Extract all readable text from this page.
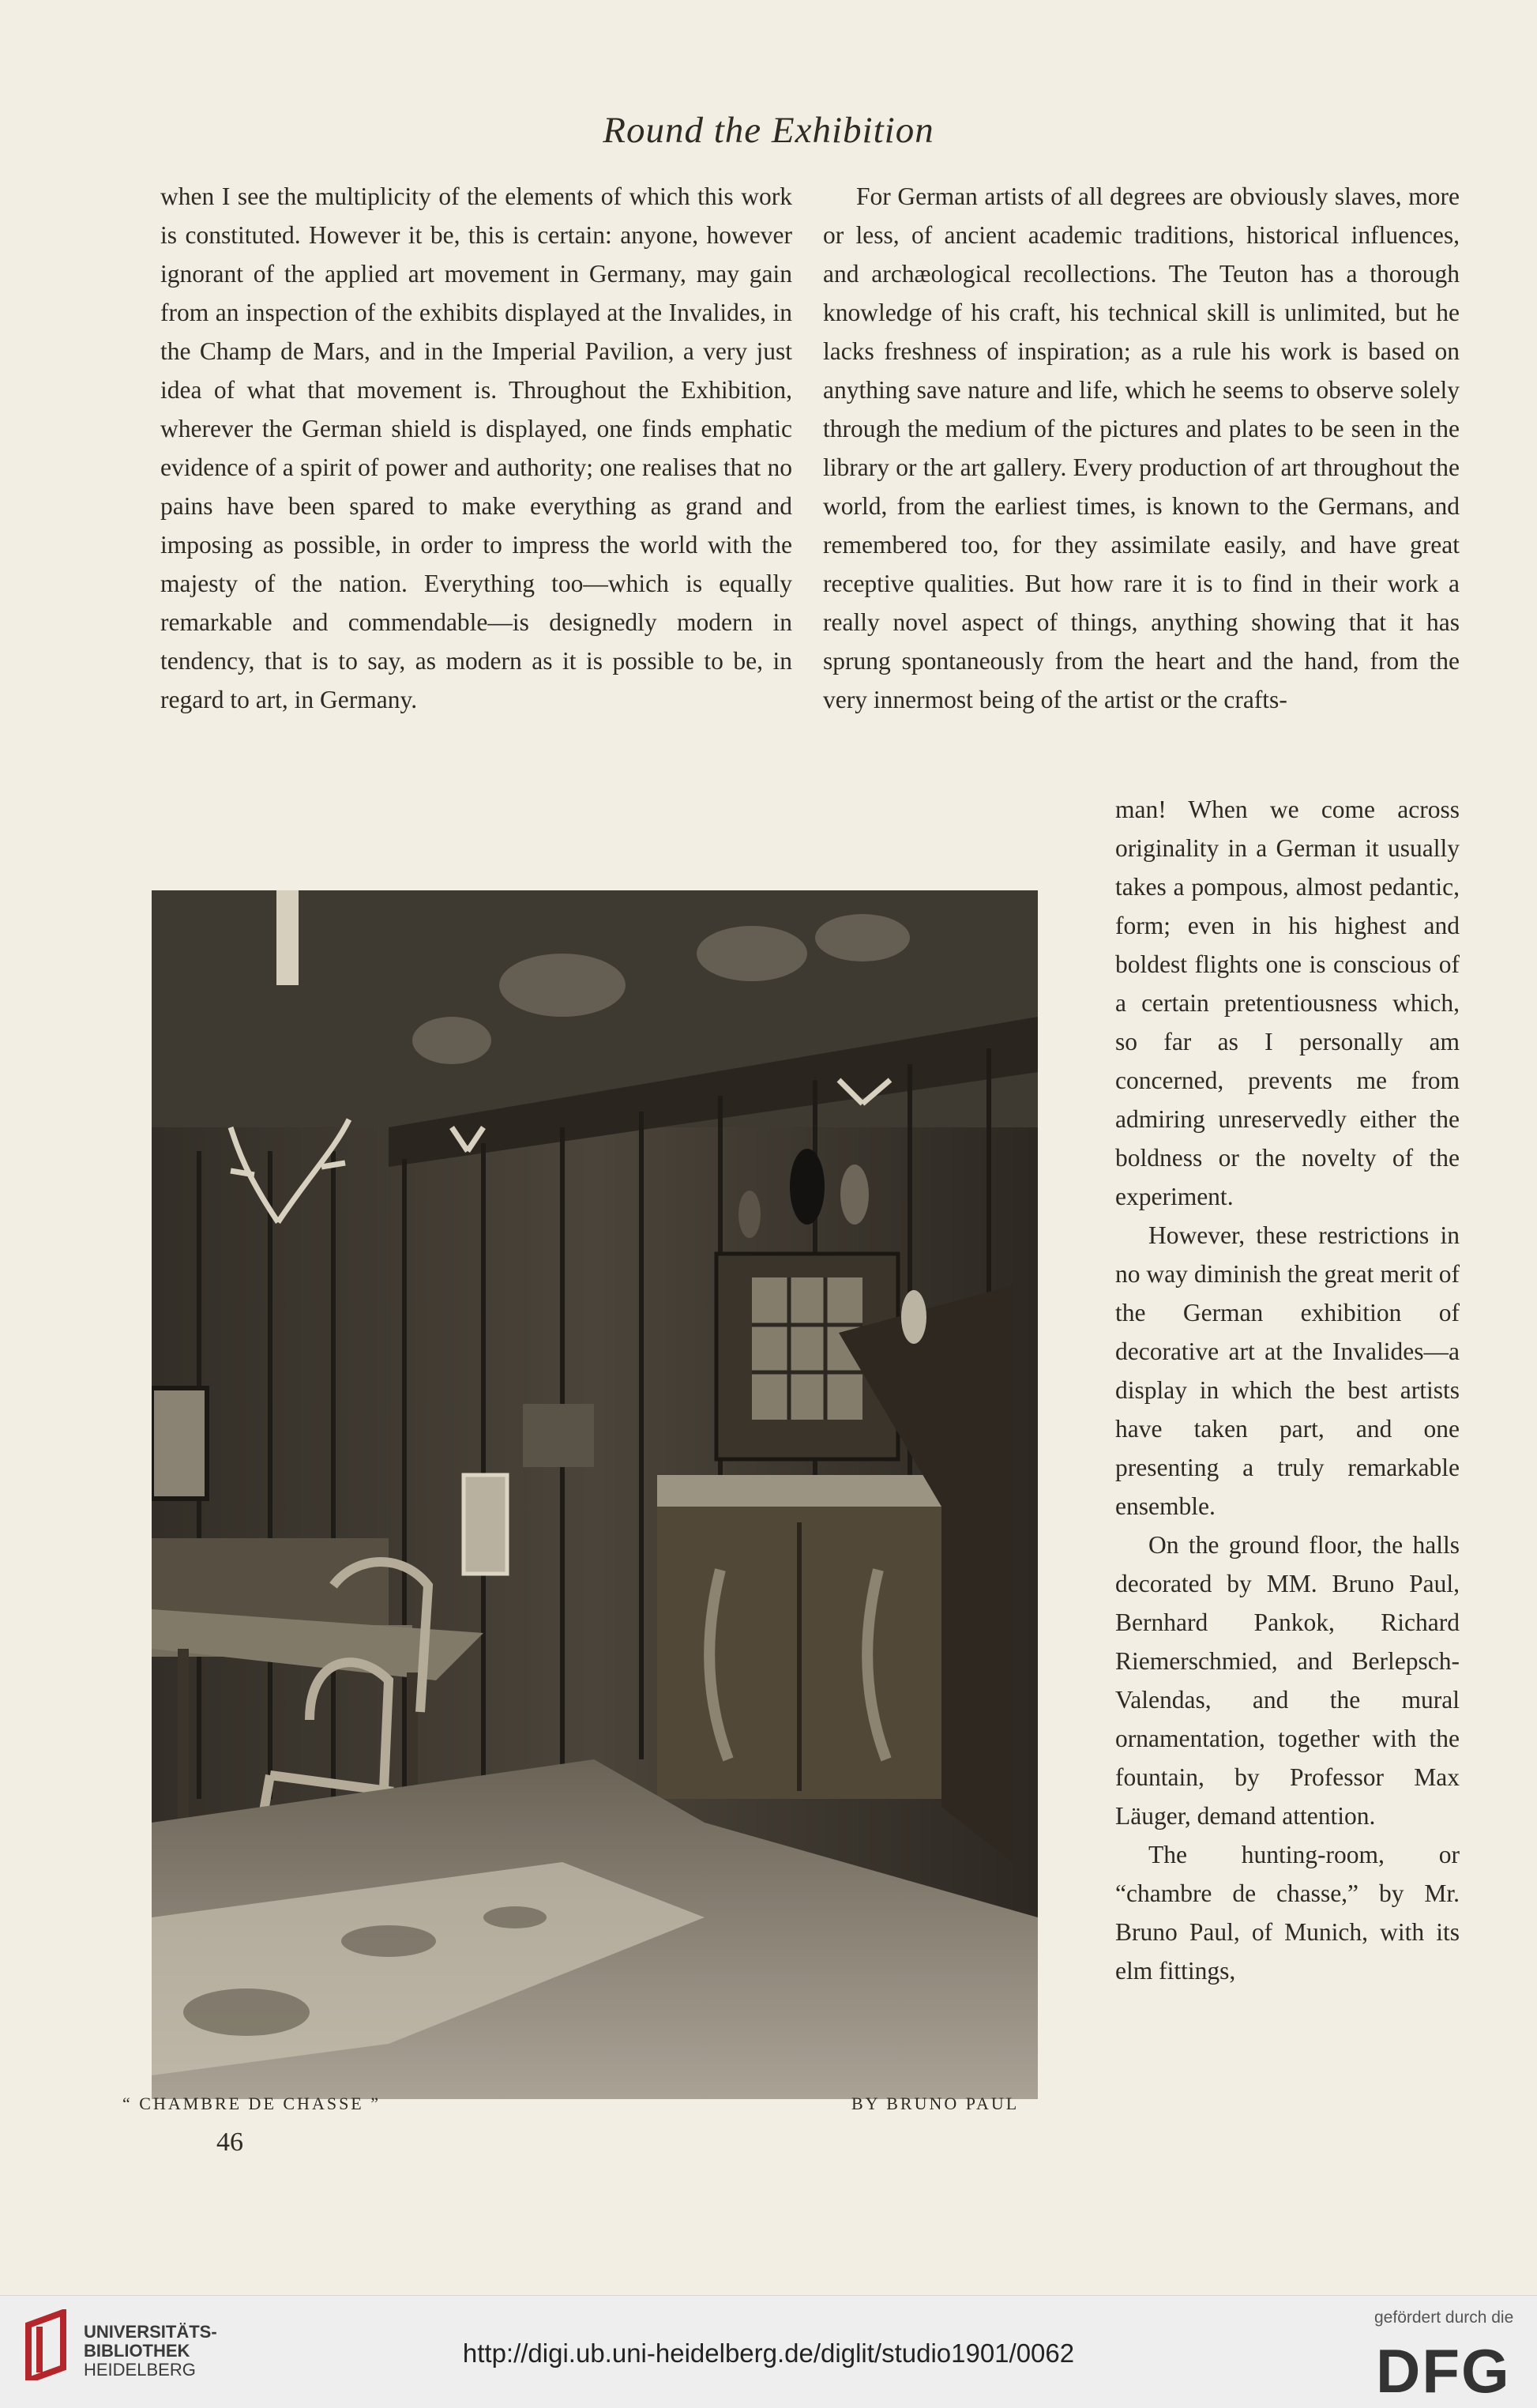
Round the Exhibition

when I see the multiplicity of the elements of which this work is constituted. However it be, this is certain: anyone, however ignorant of the applied art movement in Germany, may gain from an inspection of the exhibits displayed at the Invalides, in the Champ de Mars, and in the Imperial Pavilion, a very just idea of what that movement is. Throughout the Exhibition, wherever the German shield is displayed, one finds emphatic evidence of a spirit of power and authority; one realises that no pains have been spared to make everything as grand and imposing as possible, in order to impress the world with the majesty of the nation. Everything too—which is equally remarkable and commendable—is designedly modern in tendency, that is to say, as modern as it is possible to be, in regard to art, in Germany.

For German artists of all degrees are obviously slaves, more or less, of ancient academic traditions, historical influences, and archæological recollections. The Teuton has a thorough knowledge of his craft, his technical skill is unlimited, but he lacks freshness of inspiration; as a rule his work is based on anything save nature and life, which he seems to observe solely through the medium of the pictures and plates to be seen in the library or the art gallery. Every production of art throughout the world, from the earliest times, is known to the Germans, and remembered too, for they assimilate easily, and have great receptive qualities. But how rare it is to find in their work a really novel aspect of things, anything showing that it has sprung spontaneously from the heart and the hand, from the very innermost being of the artist or the crafts-

man! When we come across originality in a German it usually takes a pompous, almost pedantic, form; even in his highest and boldest flights one is conscious of a certain pretentiousness which, so far as I personally am concerned, prevents me from admiring unreservedly either the boldness or the novelty of the experiment.

However, these restrictions in no way diminish the great merit of the German exhibition of decorative art at the Invalides—a display in which the best artists have taken part, and one presenting a truly remarkable ensemble.

On the ground floor, the halls decorated by MM. Bruno Paul, Bernhard Pankok, Richard Riemerschmied, and Berlepsch-Valendas, and the mural ornamentation, together with the fountain, by Professor Max Läuger, demand attention.

The hunting-room, or “chambre de chasse,” by Mr. Bruno Paul, of Munich, with its elm fittings,

“ CHAMBRE DE CHASSE ”	BY BRUNO PAUL
46
UNIVERSITÄTS-
BIBLIOTHEK
HEIDELBERG
http://digi.ub.uni-heidelberg.de/diglit/studio1901/0062
gefördert durch die
DFG
